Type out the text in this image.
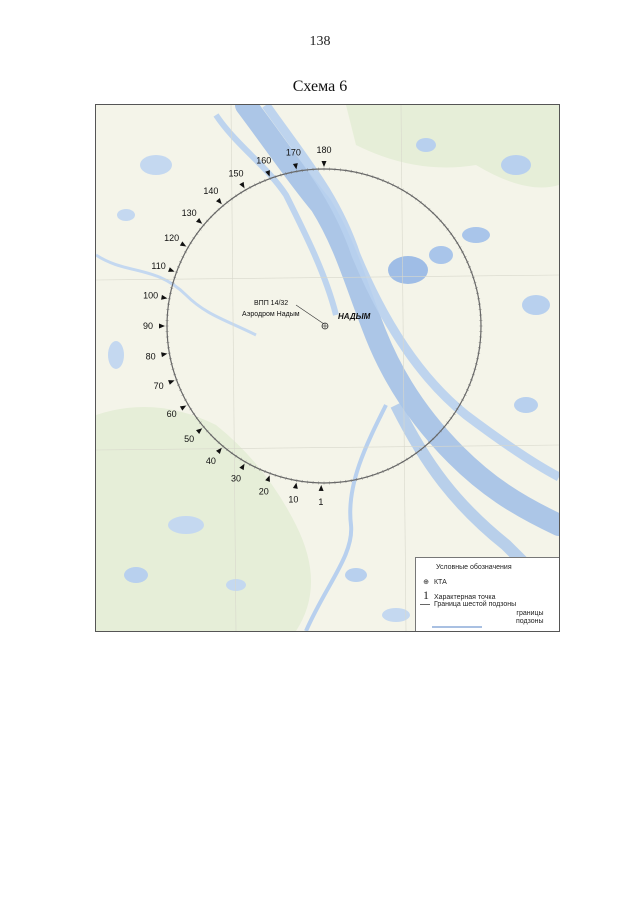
138
Схема 6
1
10
20
30
40
50
60
70
80
90
100
110
120
130
140
150
160
170 180
ВПП 14/32
Аэродром Надым	НАДЫМ
Условные обозначения
⊕ КТА
1 Характерная точка
Граница шестой подзоны
границы
подзоны
